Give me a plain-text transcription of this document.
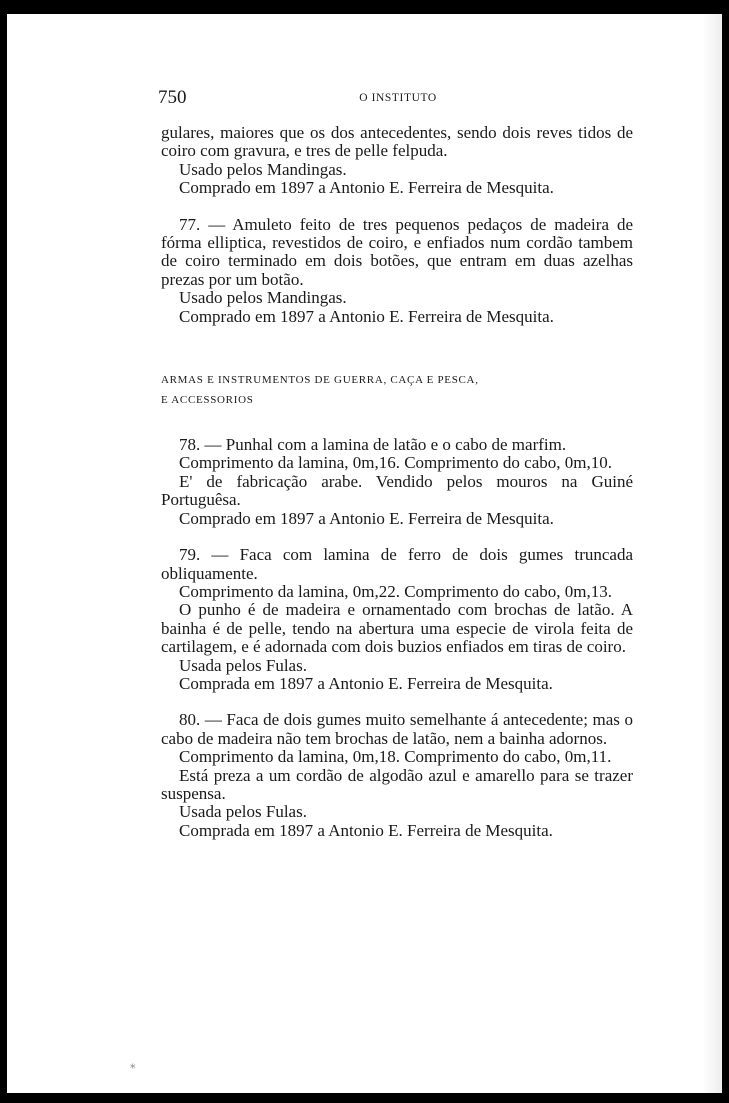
750	O INSTITUTO

gulares, maiores que os dos antecedentes, sendo dois reves tidos de coiro com gravura, e tres de pelle felpuda.

Usado pelos Mandingas.

Comprado em 1897 a Antonio E. Ferreira de Mesquita.

77. — Amuleto feito de tres pequenos pedaços de madeira de fórma elliptica, revestidos de coiro, e enfiados num cordão tambem de coiro terminado em dois botões, que entram em duas azelhas prezas por um botão.

Usado pelos Mandingas.

Comprado em 1897 a Antonio E. Ferreira de Mesquita.

ARMAS E INSTRUMENTOS DE GUERRA, CAÇA E PESCA,

E ACCESSORIOS

78. — Punhal com a lamina de latão e o cabo de marfim.

Comprimento da lamina, 0m,16. Comprimento do cabo, 0m,10.

E' de fabricação arabe. Vendido pelos mouros na Guiné Portuguêsa.

Comprado em 1897 a Antonio E. Ferreira de Mesquita.

79. — Faca com lamina de ferro de dois gumes truncada obliquamente.

Comprimento da lamina, 0m,22. Comprimento do cabo, 0m,13.

O punho é de madeira e ornamentado com brochas de latão. A bainha é de pelle, tendo na abertura uma especie de virola feita de cartilagem, e é adornada com dois buzios enfiados em tiras de coiro.

Usada pelos Fulas.

Comprada em 1897 a Antonio E. Ferreira de Mesquita.

80. — Faca de dois gumes muito semelhante á antecedente; mas o cabo de madeira não tem brochas de latão, nem a bainha adornos.

Comprimento da lamina, 0m,18. Comprimento do cabo, 0m,11.

Está preza a um cordão de algodão azul e amarello para se trazer suspensa.

Usada pelos Fulas.

Comprada em 1897 a Antonio E. Ferreira de Mesquita.

*
